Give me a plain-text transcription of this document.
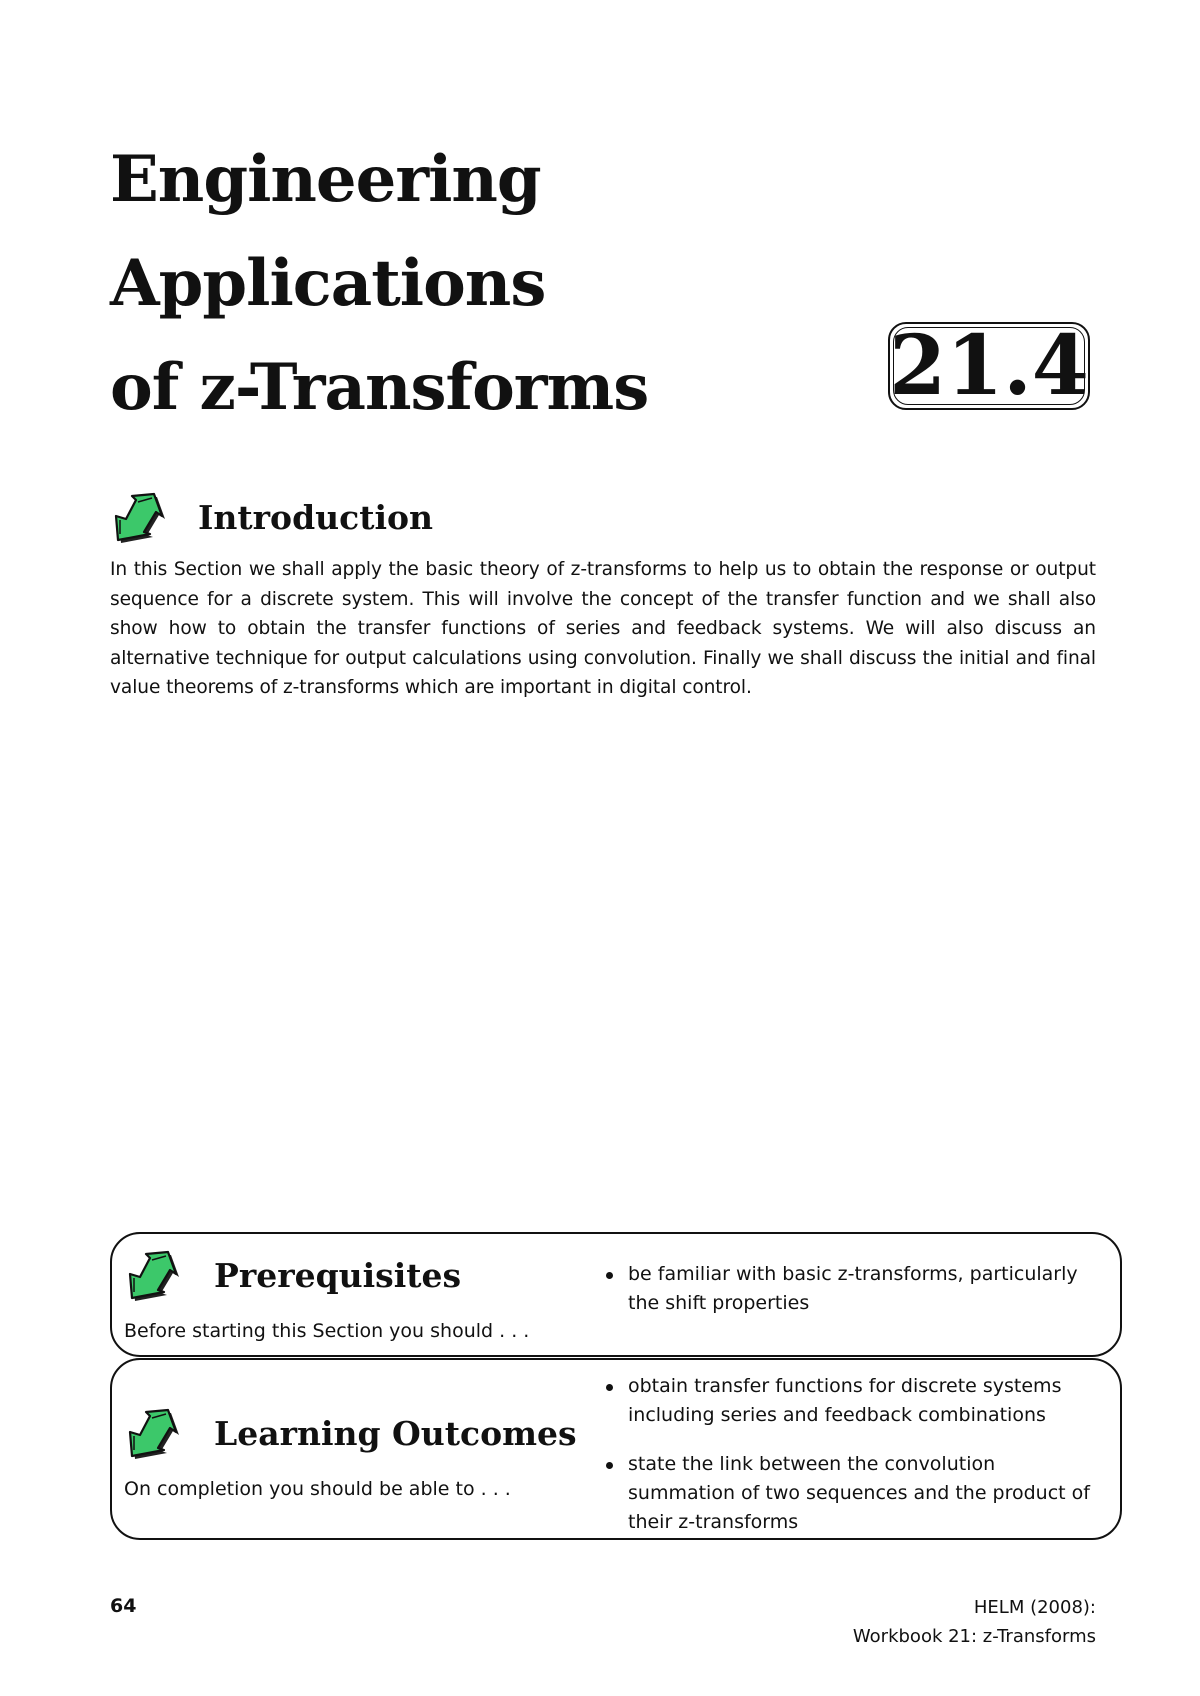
Engineering
Applications
of z-Transforms	21.4
Introduction

In this Section we shall apply the basic theory of z-transforms to help us to obtain the response or output sequence for a discrete system. This will involve the concept of the transfer function and we shall also show how to obtain the transfer functions of series and feedback systems. We will also discuss an alternative technique for output calculations using convolution. Finally we shall discuss the initial and final value theorems of z-transforms which are important in digital control.

Prerequisites

Before starting this Section you should . . .

be familiar with basic z-transforms, particularly the shift properties
Learning Outcomes

On completion you should be able to . . .

obtain transfer functions for discrete systems including series and feedback combinations
state the link between the convolution summation of two sequences and the product of their z-transforms

64	HELM (2008):
Workbook 21: z-Transforms
